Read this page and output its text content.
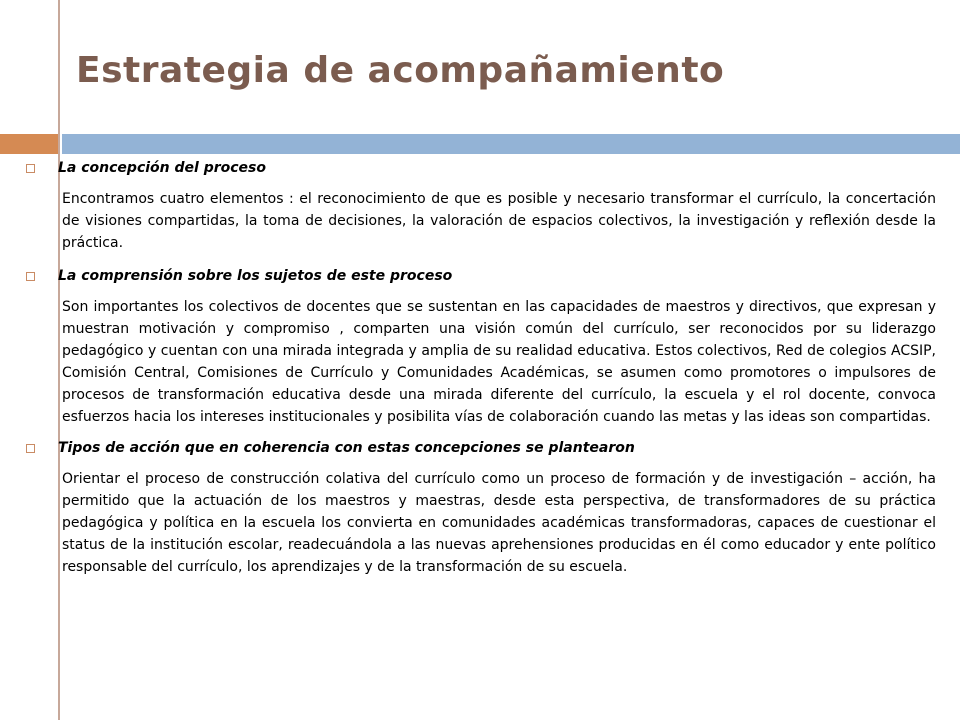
Estrategia de acompañamiento

La concepción del proceso

Encontramos cuatro elementos : el reconocimiento de que es posible y necesario transformar el currículo, la concertación de visiones compartidas, la toma de decisiones, la valoración de espacios colectivos, la investigación y reflexión desde la práctica.

La comprensión sobre los sujetos de este proceso

Son importantes los colectivos de docentes que se sustentan en las capacidades de maestros y directivos, que expresan y muestran motivación y compromiso , comparten una visión común del currículo, ser reconocidos por su liderazgo pedagógico y cuentan con una mirada integrada y amplia de su realidad educativa. Estos colectivos, Red de colegios ACSIP, Comisión Central, Comisiones de Currículo y Comunidades Académicas, se asumen como promotores o impulsores de procesos de transformación educativa desde una mirada diferente del currículo, la escuela y el rol docente, convoca esfuerzos hacia los intereses institucionales y posibilita vías de colaboración cuando las metas y las ideas son compartidas.

Tipos de acción que en coherencia con estas concepciones se plantearon

Orientar el proceso de construcción colativa del currículo como un proceso de formación y de investigación – acción, ha permitido que la actuación de los maestros y maestras, desde esta perspectiva, de transformadores de su práctica pedagógica y política en la escuela los convierta en comunidades académicas transformadoras, capaces de cuestionar el status de la institución escolar, readecuándola a las nuevas aprehensiones producidas en él como educador y ente político responsable del currículo, los aprendizajes y de la transformación de su escuela.
